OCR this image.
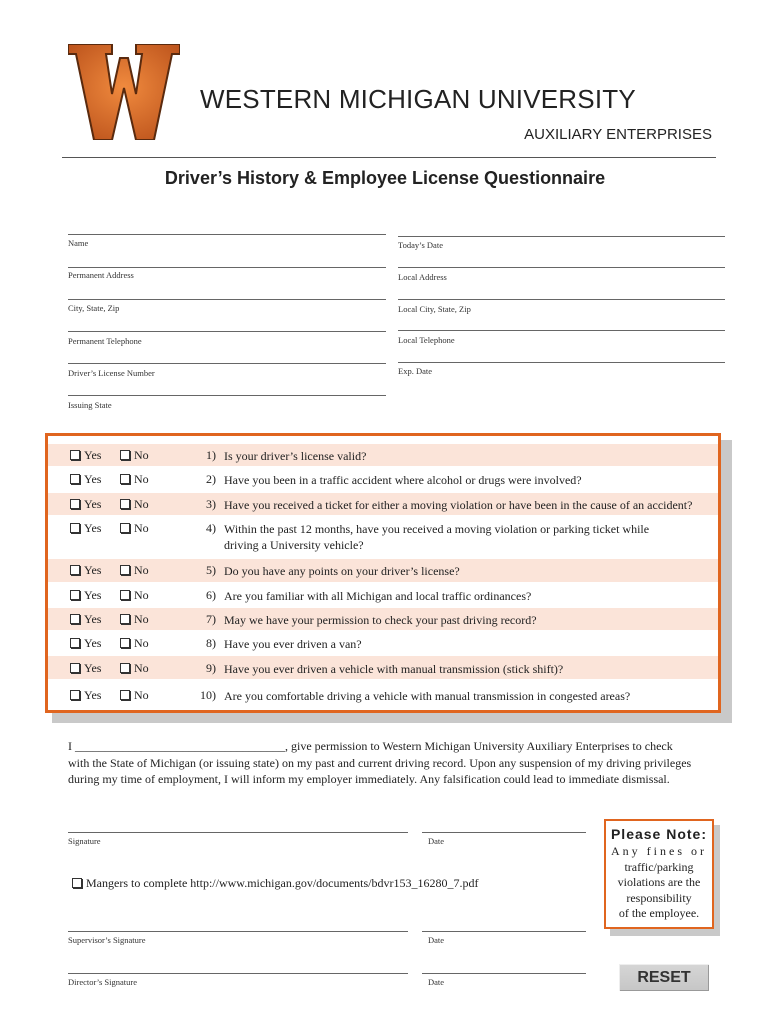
WESTERN MICHIGAN UNIVERSITY
AUXILIARY ENTERPRISES
Driver’s History & Employee License Questionnaire
Name	Today’s Date
Permanent Address	Local Address
City, State, Zip	Local City, State, Zip
Permanent Telephone	Local Telephone
Driver’s License Number	Exp. Date
Issuing State
Yes	No	1) Is your driver’s license valid?
Yes	No	2) Have you been in a traffic accident where alcohol or drugs were involved?
Yes	No	3) Have you received a ticket for either a moving violation or have been in the cause of an accident?
Yes	No	4) Within the past 12 months, have you received a moving violation or parking ticket while
driving a University vehicle?
Yes	No	5) Do you have any points on your driver’s license?
Yes	No	6) Are you familiar with all Michigan and local traffic ordinances?
Yes	No	7) May we have your permission to check your past driving record?
Yes	No	8) Have you ever driven a van?
Yes	No	9) Have you ever driven a vehicle with manual transmission (stick shift)?
Yes	No	10) Are you comfortable driving a vehicle with manual transmission in congested areas?
I ___________________________________, give permission to Western Michigan University Auxiliary Enterprises to check
with the State of Michigan (or issuing state) on my past and current driving record. Upon any suspension of my driving privileges
during my time of employment, I will inform my employer immediately. Any falsification could lead to immediate dismissal.
Signature	Date
Mangers to complete http://www.michigan.gov/documents/bdvr153_16280_7.pdf
Supervisor’s Signature	Date
Director’s Signature	Date
Please Note:
Any fines or
traffic/parking
violations are the
responsibility
of the employee.
RESET
